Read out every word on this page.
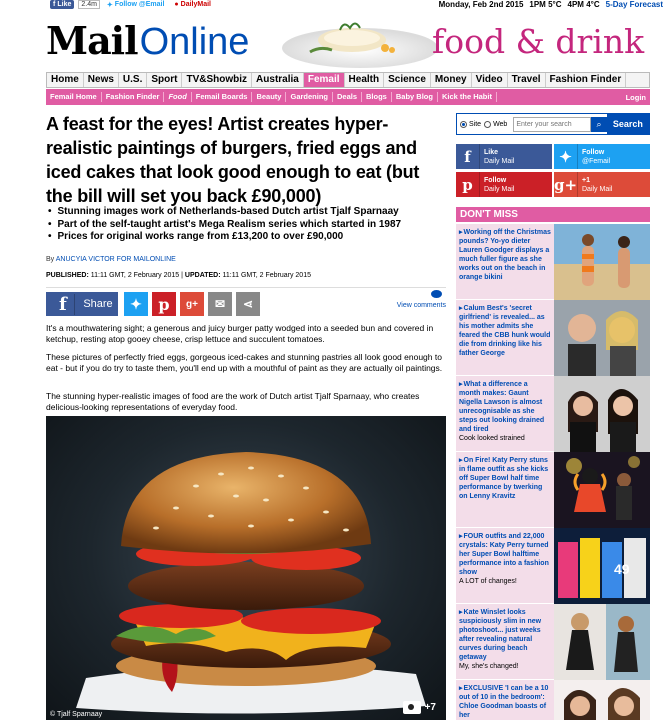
f Like	2.4m	✦ Follow @Email ● DailyMail	Monday, Feb 2nd 2015 1PM 5°C 4PM 4°C 5-Day Forecast
Mail Online	food & drink
Home News U.S. Sport TV&Showbiz Australia Femail Health Science Money Video Travel Fashion Finder
Femail Home	Fashion Finder	Food	Femail Boards	Beauty	Gardening	Deals	Blogs	Baby Blog	Kick the Habit	Login
A feast for the eyes! Artist creates hyper-realistic paintings of burgers, fried eggs and iced cakes that look good enough to eat (but the bill will set you back £90,000)
• Stunning images work of Netherlands-based Dutch artist Tjalf Sparnaay
• Part of the self-taught artist's Mega Realism series which started in 1987
• Prices for original works range from £13,200 to over £90,000
By ANUCYIA VICTOR FOR MAILONLINE
PUBLISHED: 11:11 GMT, 2 February 2015 | UPDATED: 11:11 GMT, 2 February 2015
f	Share ✦ p g+ ✉ ⋖	View comments

It's a mouthwatering sight; a generous and juicy burger patty wodged into a seeded bun and covered in ketchup, resting atop gooey cheese, crisp lettuce and succulent tomatoes.

These pictures of perfectly fried eggs, gorgeous iced-cakes and stunning pastries all look good enough to eat - but if you do try to taste them, you'll end up with a mouthful of paint as they are actually oil paintings.

The stunning hyper-realistic images of food are the work of Dutch artist Tjalf Sparnaay, who creates delicious-looking representations of everyday food.

© Tjalf Sparnaay
+7
Site Web
Enter your search	⌕	Search
f	Like
Daily Mail	✦	Follow
@Femail
p	Follow
Daily Mail	g+ +1
Daily Mail
DON'T MISS
▸ Working off the Christmas pounds? Yo-yo dieter Lauren Goodger displays a much fuller figure as she works out on the beach in orange bikini
▸ Calum Best's 'secret girlfriend' is revealed... as his mother admits she feared the CBB hunk would die from drinking like his father George
▸ What a difference a month makes: Gaunt Nigella Lawson is almost unrecognisable as she steps out looking drained and tired
Cook looked strained
▸ On Fire! Katy Perry stuns in flame outfit as she kicks off Super Bowl half time performance by twerking on Lenny Kravitz
▸ FOUR outfits and 22,000 crystals: Katy Perry turned her Super Bowl halftime performance into a fashion show
A LOT of changes!
49
▸ Kate Winslet looks suspiciously slim in new photoshoot... just weeks after revealing natural curves during beach getaway
My, she's changed!
▸ EXCLUSIVE 'I can be a 10 out of 10 in the bedroom': Chloe Goodman boasts of her
